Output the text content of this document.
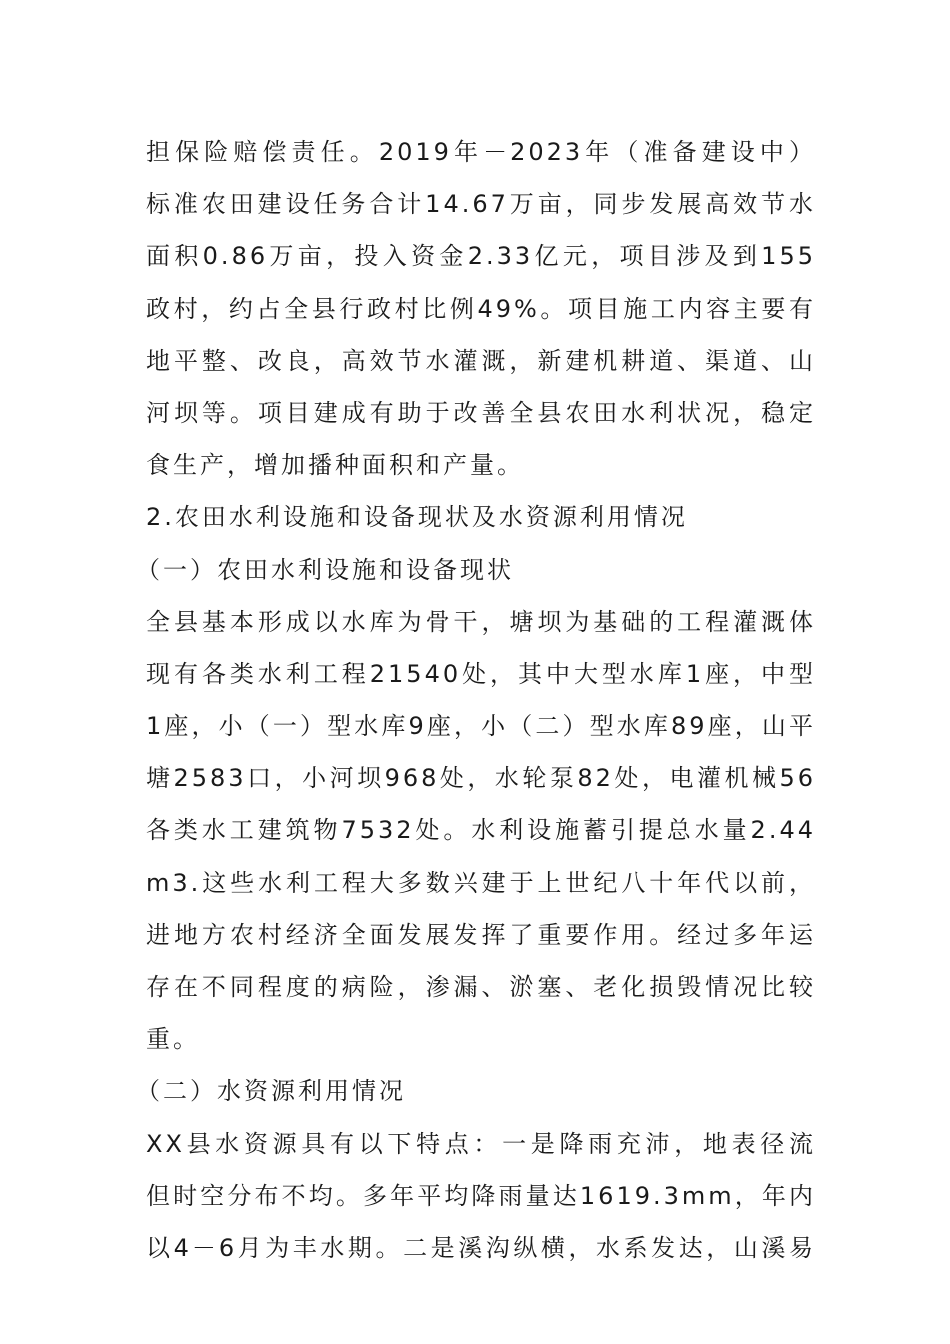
担保险赔偿责任。2019年－2023年（准备建设中）
标准农田建设任务合计14.67万亩，同步发展高效节水
面积0.86万亩，投入资金2.33亿元，项目涉及到155
政村，约占全县行政村比例49%。项目施工内容主要有
地平整、改良，高效节水灌溉，新建机耕道、渠道、山
河坝等。项目建成有助于改善全县农田水利状况，稳定
食生产，增加播种面积和产量。
2.农田水利设施和设备现状及水资源利用情况
（一）农田水利设施和设备现状
全县基本形成以水库为骨干，塘坝为基础的工程灌溉体
现有各类水利工程21540处，其中大型水库1座，中型
1座，小（一）型水库9座，小（二）型水库89座，山平
塘2583口，小河坝968处，水轮泵82处，电灌机械56
各类水工建筑物7532处。水利设施蓄引提总水量2.44
m3.这些水利工程大多数兴建于上世纪八十年代以前，
进地方农村经济全面发展发挥了重要作用。经过多年运
存在不同程度的病险，渗漏、淤塞、老化损毁情况比较
重。
（二）水资源利用情况
XX县水资源具有以下特点：一是降雨充沛，地表径流
但时空分布不均。多年平均降雨量达1619.3mm，年内
以4－6月为丰水期。二是溪沟纵横，水系发达，山溪易
